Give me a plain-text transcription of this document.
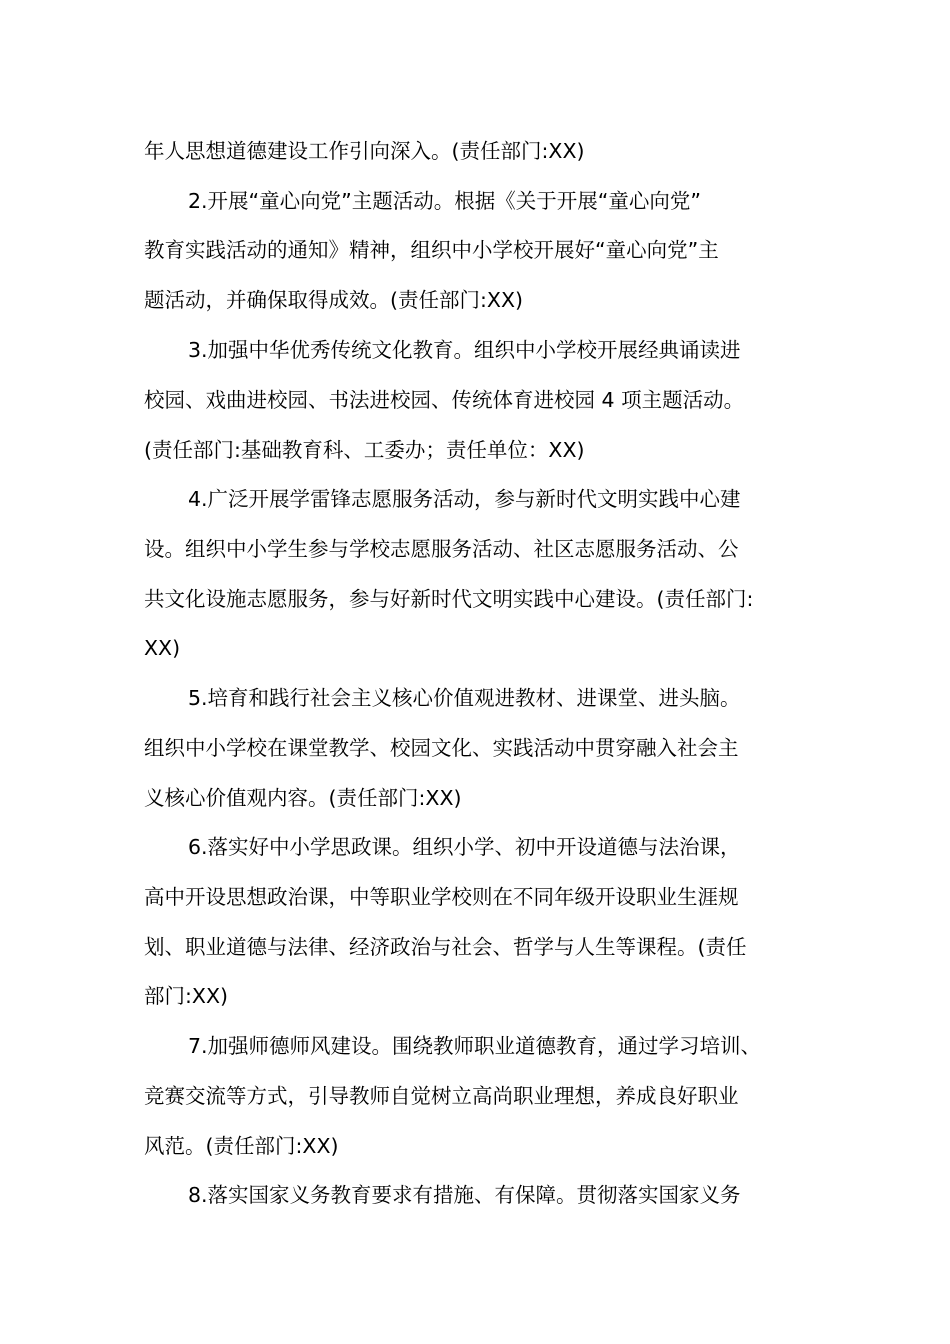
年人思想道德建设工作引向深入。(责任部门:XX)
2.开展“童心向党”主题活动。根据《关于开展“童心向党”
教育实践活动的通知》精神，组织中小学校开展好“童心向党”主
题活动，并确保取得成效。(责任部门:XX)
3.加强中华优秀传统文化教育。组织中小学校开展经典诵读进
校园、戏曲进校园、书法进校园、传统体育进校园 4 项主题活动。
(责任部门:基础教育科、工委办；责任单位：XX)
4.广泛开展学雷锋志愿服务活动，参与新时代文明实践中心建
设。组织中小学生参与学校志愿服务活动、社区志愿服务活动、公
共文化设施志愿服务，参与好新时代文明实践中心建设。(责任部门:
XX)
5.培育和践行社会主义核心价值观进教材、进课堂、进头脑。
组织中小学校在课堂教学、校园文化、实践活动中贯穿融入社会主
义核心价值观内容。(责任部门:XX)
6.落实好中小学思政课。组织小学、初中开设道德与法治课，
高中开设思想政治课，中等职业学校则在不同年级开设职业生涯规
划、职业道德与法律、经济政治与社会、哲学与人生等课程。(责任
部门:XX)
7.加强师德师风建设。围绕教师职业道德教育，通过学习培训、
竞赛交流等方式，引导教师自觉树立高尚职业理想，养成良好职业
风范。(责任部门:XX)
8.落实国家义务教育要求有措施、有保障。贯彻落实国家义务
